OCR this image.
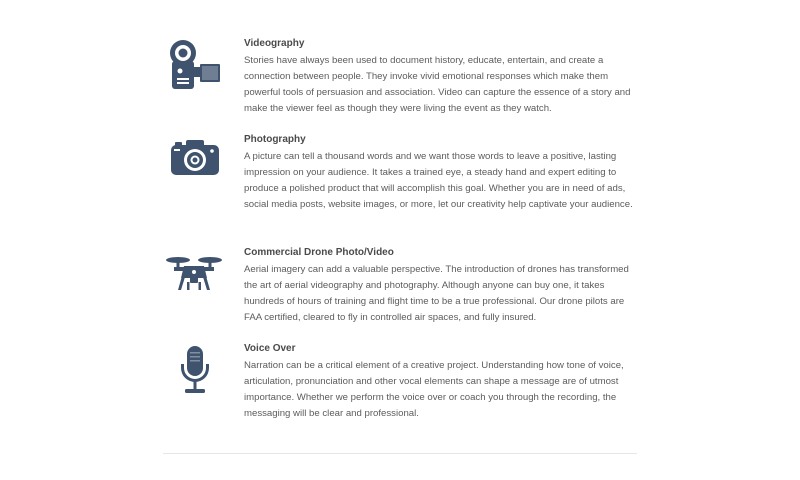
Videography

Stories have always been used to document history, educate, entertain, and create a connection between people. They invoke vivid emotional responses which make them powerful tools of persuasion and association. Video can capture the essence of a story and make the viewer feel as though they were living the event as they watch.

Photography

A picture can tell a thousand words and we want those words to leave a positive, lasting impression on your audience. It takes a trained eye, a steady hand and expert editing to produce a polished product that will accomplish this goal. Whether you are in need of ads, social media posts, website images, or more, let our creativity help captivate your audience.

Commercial Drone Photo/Video

Aerial imagery can add a valuable perspective. The introduction of drones has transformed the art of aerial videography and photography. Although anyone can buy one, it takes hundreds of hours of training and flight time to be a true professional. Our drone pilots are FAA certified, cleared to fly in controlled air spaces, and fully insured.

Voice Over

Narration can be a critical element of a creative project. Understanding how tone of voice, articulation, pronunciation and other vocal elements can shape a message are of utmost importance. Whether we perform the voice over or coach you through the recording, the messaging will be clear and professional.
